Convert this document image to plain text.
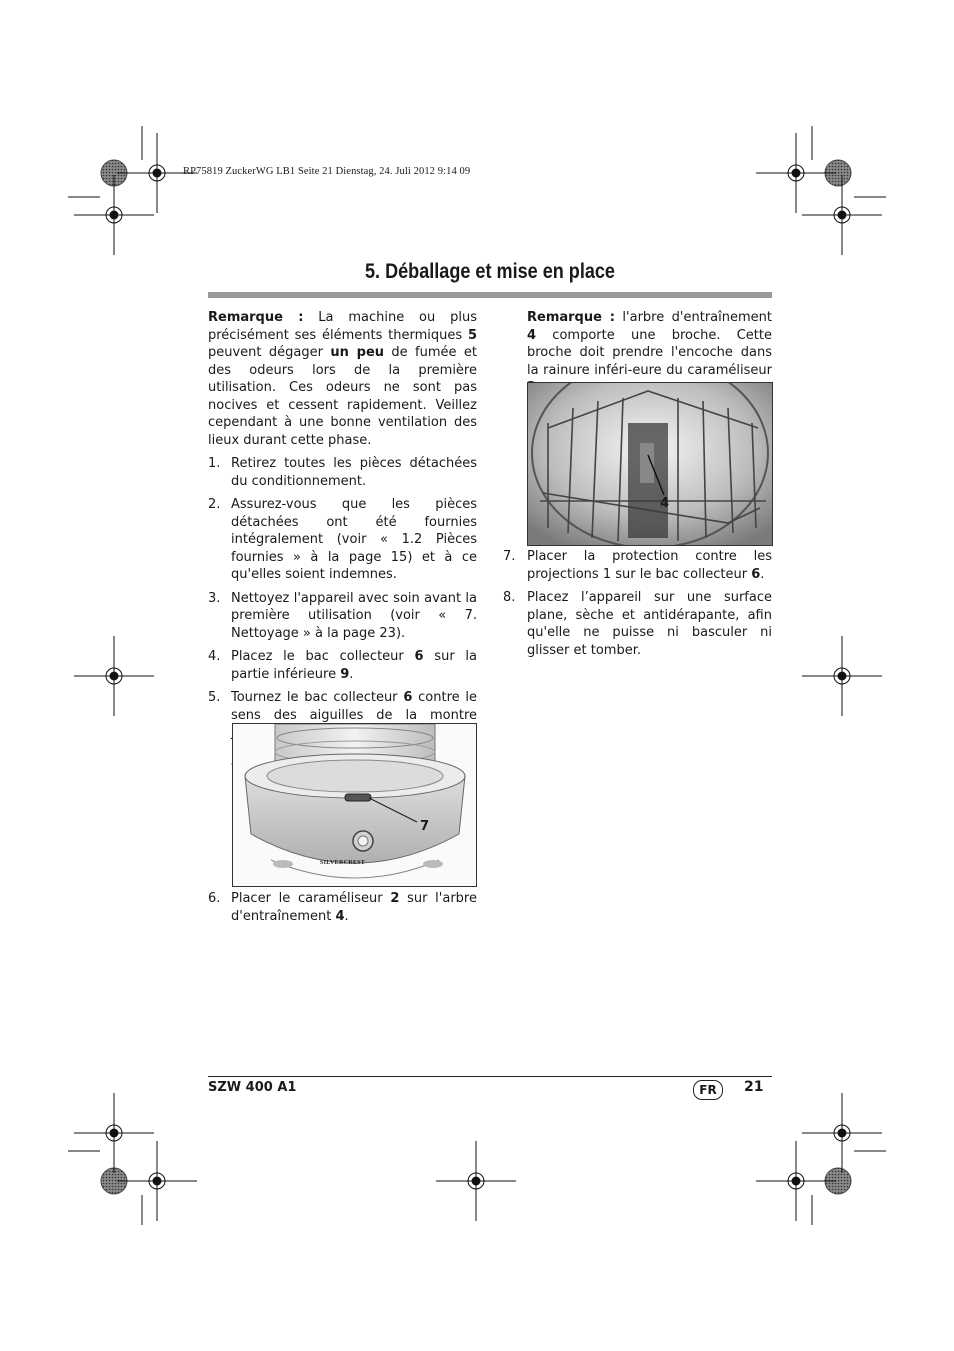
RP75819 ZuckerWG LB1 Seite 21 Dienstag, 24. Juli 2012 9:14 09
5. Déballage et mise en place

Remarque : La machine ou plus précisément ses éléments thermiques 5 peuvent dégager un peu de fumée et des odeurs lors de la première utilisation. Ces odeurs ne sont pas nocives et cessent rapidement. Veillez cependant à une bonne ventilation des lieux durant cette phase.

1. Retirez toutes les pièces détachées du conditionnement.
2. Assurez-vous que les pièces détachées ont été fournies intégralement (voir « 1.2 Pièces fournies » à la page 15) et à ce qu'elles soient indemnes.
3. Nettoyez l'appareil avec soin avant la première utilisation (voir « 7. Nettoyage » à la page 23).
4. Placez le bac collecteur 6 sur la partie inférieure 9.
5. Tournez le bac collecteur 6 contre le sens des aiguilles de la montre
SILVERCREST
7
6. Placer le caraméliseur 2 sur l'arbre d'entraînement 4.

Remarque : l'arbre d'entraînement 4 comporte une broche. Cette broche doit prendre l'encoche dans la rainure inféri-eure du caraméliseur

4
7. Placer la protection contre les projections 1 sur le bac collecteur 6.
8. Placez l’appareil sur une surface plane, sèche et antidérapante, afin qu'elle ne puisse ni basculer ni glisser et tomber.
SZW 400 A1	FR	21
